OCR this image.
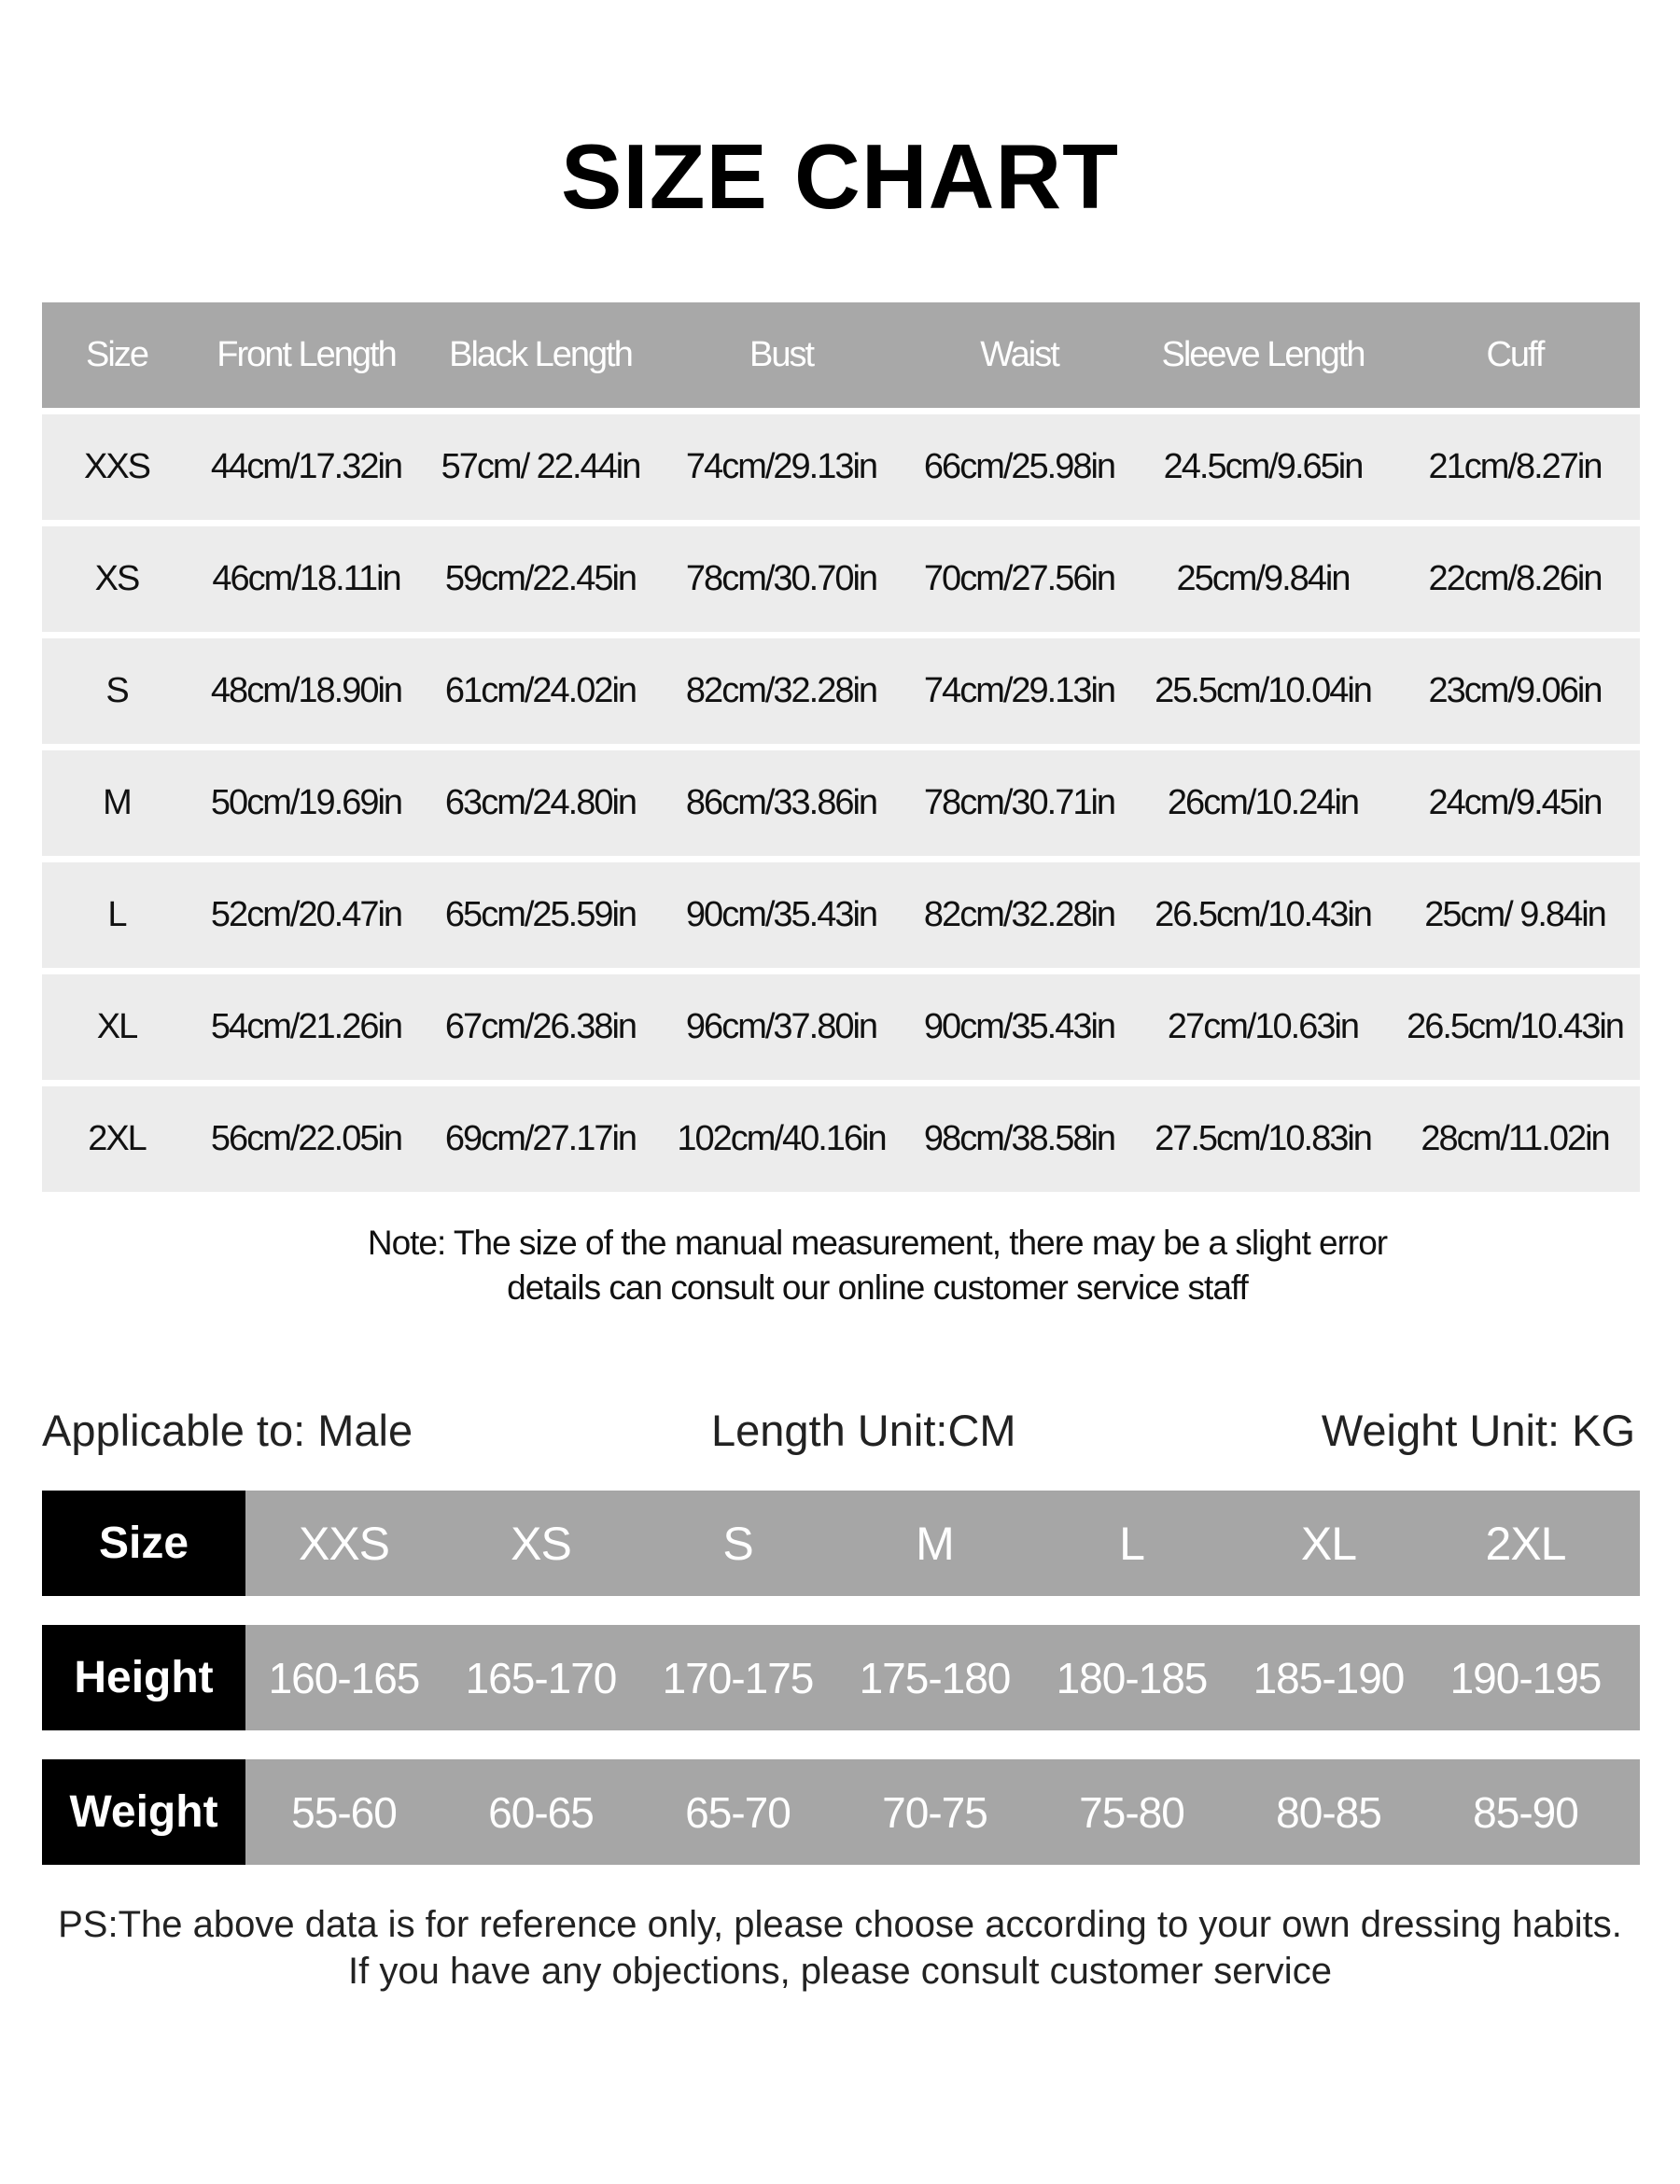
SIZE CHART
Size	Front Length	Black Length	Bust	Waist	Sleeve Length	Cuff
XXS	44cm/17.32in	57cm/ 22.44in	74cm/29.13in	66cm/25.98in	24.5cm/9.65in	21cm/8.27in
XS	46cm/18.11in	59cm/22.45in	78cm/30.70in	70cm/27.56in	25cm/9.84in	22cm/8.26in
S	48cm/18.90in	61cm/24.02in	82cm/32.28in	74cm/29.13in	25.5cm/10.04in	23cm/9.06in
M	50cm/19.69in	63cm/24.80in	86cm/33.86in	78cm/30.71in	26cm/10.24in	24cm/9.45in
L	52cm/20.47in	65cm/25.59in	90cm/35.43in	82cm/32.28in	26.5cm/10.43in	25cm/ 9.84in
XL	54cm/21.26in	67cm/26.38in	96cm/37.80in	90cm/35.43in	27cm/10.63in	26.5cm/10.43in
2XL	56cm/22.05in	69cm/27.17in	102cm/40.16in	98cm/38.58in	27.5cm/10.83in	28cm/11.02in
Note: The size of the manual measurement, there may be a slight error
details can consult our online customer service staff
Applicable to: Male	Length Unit:CM	Weight Unit: KG
Size	XXS	XS	S	M	L	XL	2XL
Height	160-165	165-170	170-175	175-180	180-185	185-190	190-195
Weight	55-60	60-65	65-70	70-75	75-80	80-85	85-90
PS:The above data is for reference only, please choose according to your own dressing habits.
If you have any objections, please consult customer service
